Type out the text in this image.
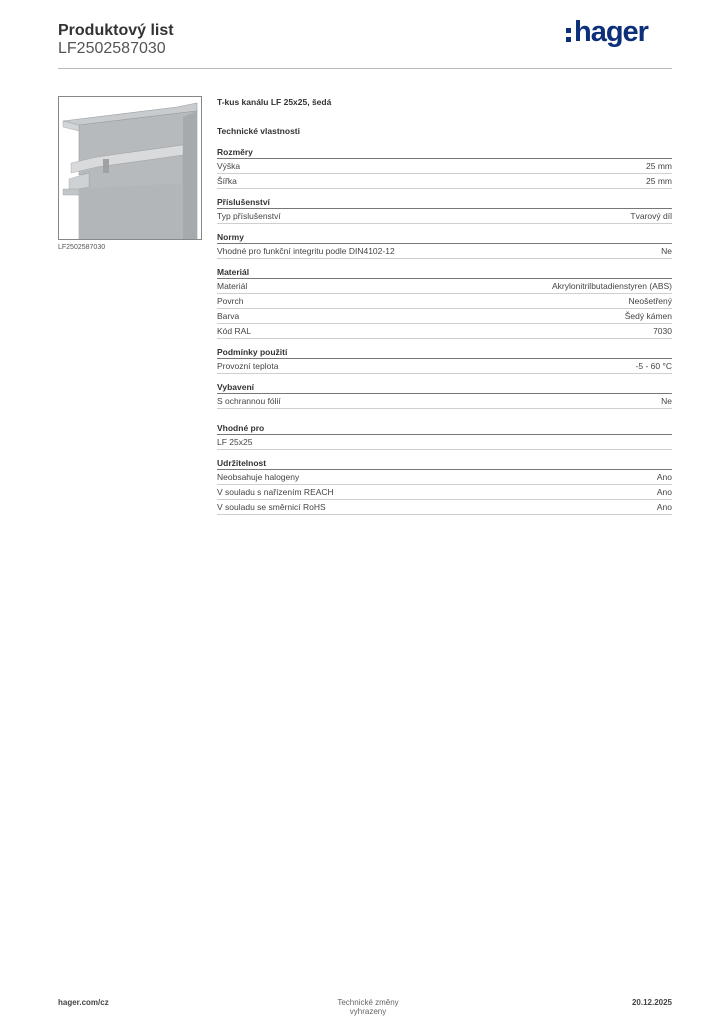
Produktový list
LF2502587030
hager
LF2502587030
T-kus kanálu LF 25x25, šedá
Technické vlastnosti
Rozměry
Výška	25 mm
Šířka	25 mm
Příslušenství
Typ příslušenství	Tvarový díl
Normy
Vhodné pro funkční integritu podle DIN4102-12	Ne
Materiál
Materiál	Akrylonitrilbutadienstyren (ABS)
Povrch	Neošetřený
Barva	Šedý kámen
Kód RAL	7030
Podmínky použití
Provozní teplota	-5 - 60 °C
Vybavení
S ochrannou fólií	Ne
Vhodné pro
LF 25x25
Udržitelnost
Neobsahuje halogeny	Ano
V souladu s nařízením REACH	Ano
V souladu se směrnicí RoHS	Ano
hager.com/cz	Technické změny vyhrazeny
20.12.2025
